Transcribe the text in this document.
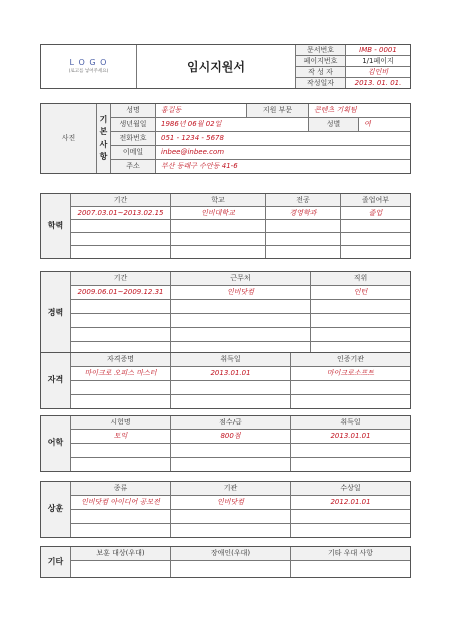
L O G O
(로고를 넣어주세요)	임시지원서	문서번호	IMB - 0001
		페이지번호	1/1페이지
		작 성 자	김인비
		작성일자	2013. 01. 01.
사진	기본사항	성명	홍길동	지원 부문	콘텐츠 기획팀	
		생년월일	1986년 06월 02일		성별	여
		전화번호	051 - 1234 - 5678			
		이메일	inbee@inbee.com			
		주소	부산 동래구 수안동 41-6			
학력	기간	학교	전공	졸업여부
	2007.03.01~2013.02.15	인비대학교	경영학과	졸업

경력	기간	근무처	직위
	2009.06.01~2009.12.31	인비닷컴	인턴

자격	자격증명	취득일	인증기관
	마이크로 오피스 마스터	2013.01.01	마이크로소프트

어학	시험명	점수/급	취득일
	토익	800점	2013.01.01

상훈	종류	기관	수상일
	인비닷컴 아이디어 공모전	인비닷컴	2012.01.01

기타	보훈 대상(우대)	장애인(우대)	기타 우대 사항
